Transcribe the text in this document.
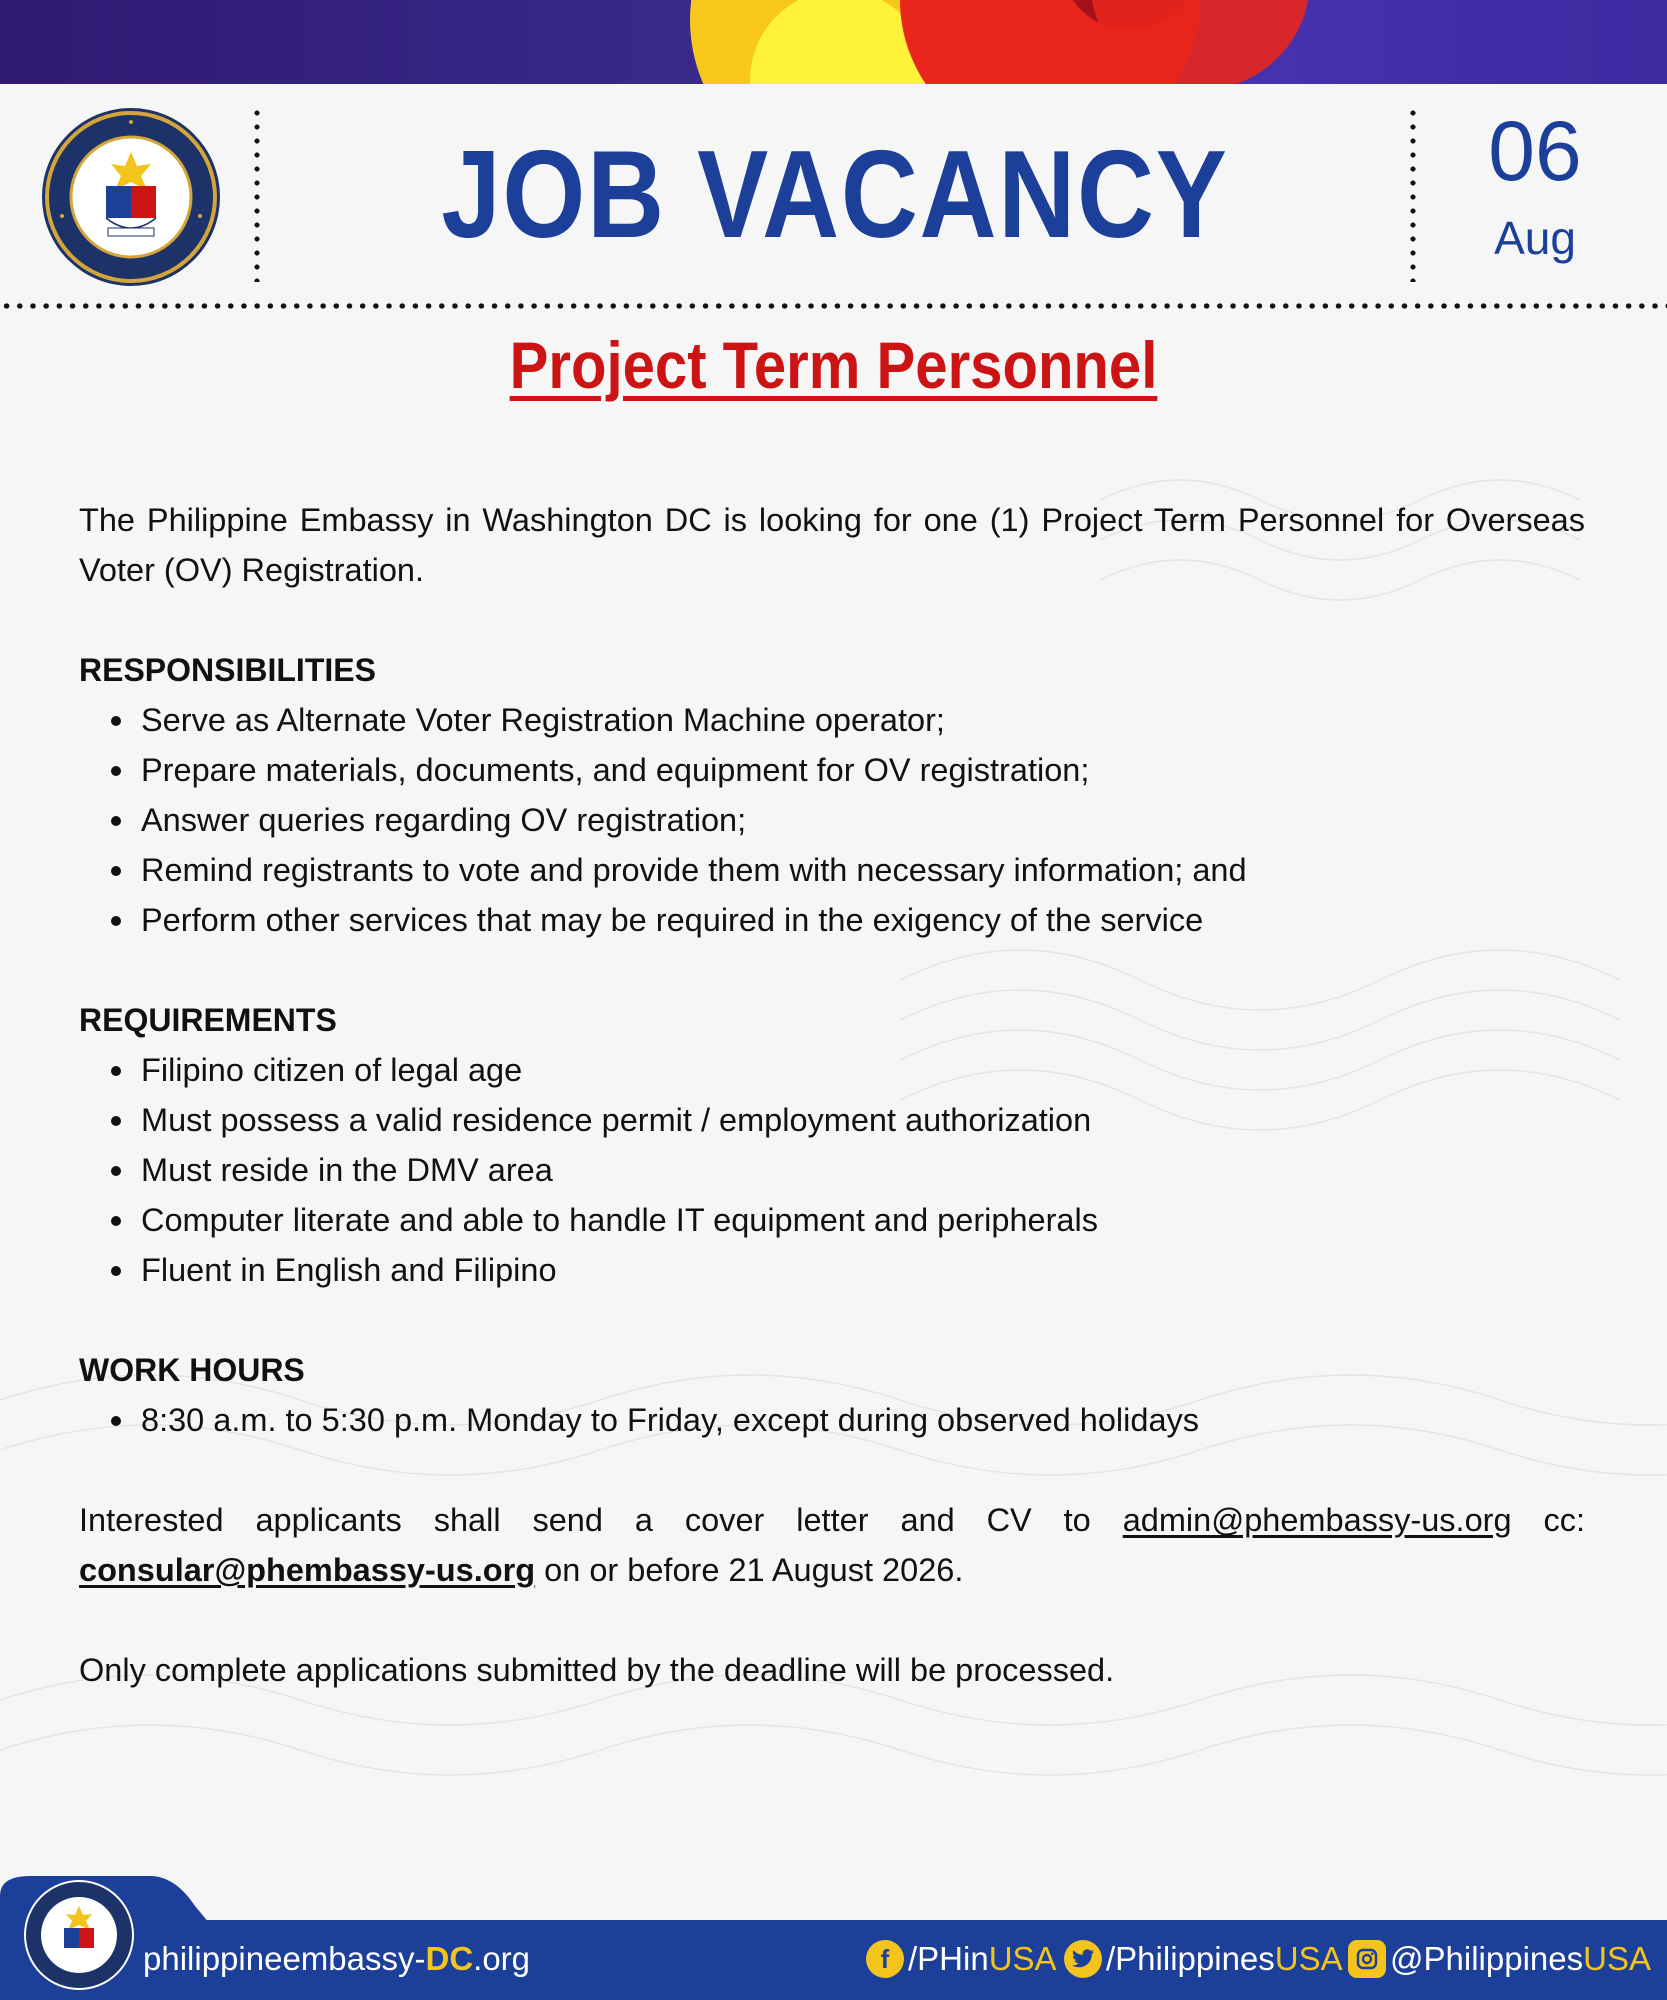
JOB VACANCY	06
Aug
Project Term Personnel

The Philippine Embassy in Washington DC is looking for one (1) Project Term Personnel for Overseas Voter (OV) Registration.

RESPONSIBILITIES

Serve as Alternate Voter Registration Machine operator;
Prepare materials, documents, and equipment for OV registration;
Answer queries regarding OV registration;
Remind registrants to vote and provide them with necessary information; and
Perform other services that may be required in the exigency of the service

REQUIREMENTS

Filipino citizen of legal age
Must possess a valid residence permit / employment authorization
Must reside in the DMV area
Computer literate and able to handle IT equipment and peripherals
Fluent in English and Filipino

WORK HOURS

8:30 a.m. to 5:30 p.m. Monday to Friday, except during observed holidays

Interested applicants shall send a cover letter and CV to admin@phembassy-us.org cc: consular@phembassy-us.org on or before 21 August 2026.

Only complete applications submitted by the deadline will be processed.

philippineembassy-DC.org	f /PHin USA /Philippines USA @Philippines USA
